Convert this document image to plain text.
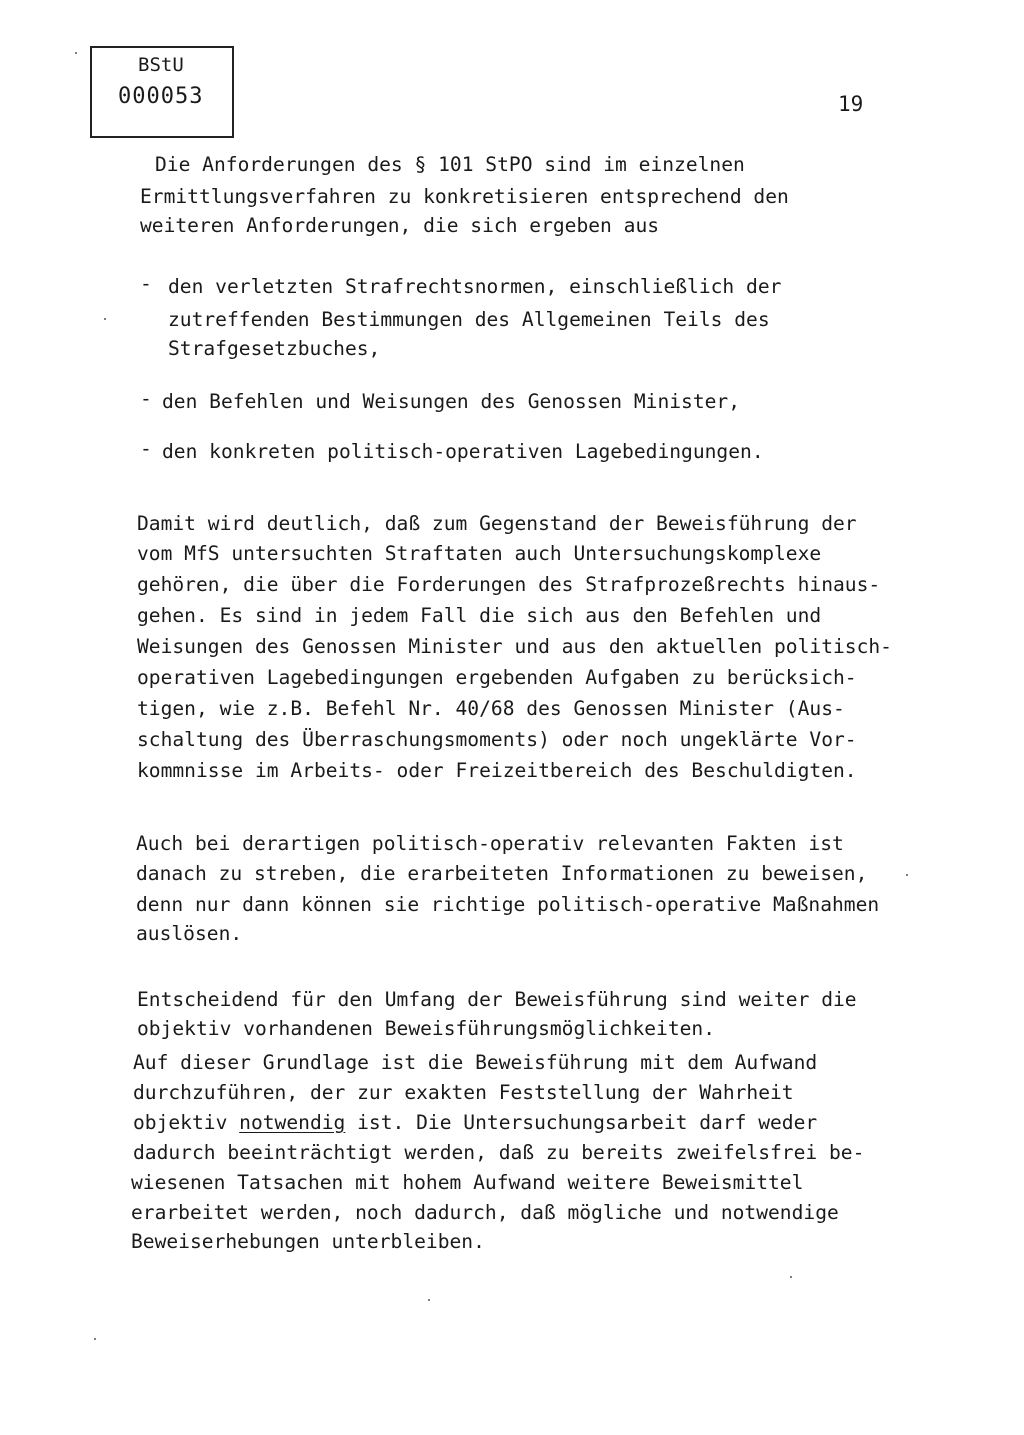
BStU
000053	19
Die Anforderungen des § 101 StPO sind im einzelnen
Ermittlungsverfahren zu konkretisieren entsprechend den
weiteren Anforderungen, die sich ergeben aus
- den verletzten Strafrechtsnormen, einschließlich der
zutreffenden Bestimmungen des Allgemeinen Teils des
Strafgesetzbuches,
- den Befehlen und Weisungen des Genossen Minister,
- den konkreten politisch-operativen Lagebedingungen.
Damit wird deutlich, daß zum Gegenstand der Beweisführung der
vom MfS untersuchten Straftaten auch Untersuchungskomplexe
gehören, die über die Forderungen des Strafprozeßrechts hinaus-
gehen. Es sind in jedem Fall die sich aus den Befehlen und
Weisungen des Genossen Minister und aus den aktuellen politisch-
operativen Lagebedingungen ergebenden Aufgaben zu berücksich-
tigen, wie z.B. Befehl Nr. 40/68 des Genossen Minister (Aus-
schaltung des Überraschungsmoments) oder noch ungeklärte Vor-
kommnisse im Arbeits- oder Freizeitbereich des Beschuldigten.
Auch bei derartigen politisch-operativ relevanten Fakten ist
danach zu streben, die erarbeiteten Informationen zu beweisen,
denn nur dann können sie richtige politisch-operative Maßnahmen
auslösen.
Entscheidend für den Umfang der Beweisführung sind weiter die
objektiv vorhandenen Beweisführungsmöglichkeiten.
Auf dieser Grundlage ist die Beweisführung mit dem Aufwand
durchzuführen, der zur exakten Feststellung der Wahrheit
objektiv notwendig ist. Die Untersuchungsarbeit darf weder
dadurch beeinträchtigt werden, daß zu bereits zweifelsfrei be-
wiesenen Tatsachen mit hohem Aufwand weitere Beweismittel
erarbeitet werden, noch dadurch, daß mögliche und notwendige
Beweiserhebungen unterbleiben.
